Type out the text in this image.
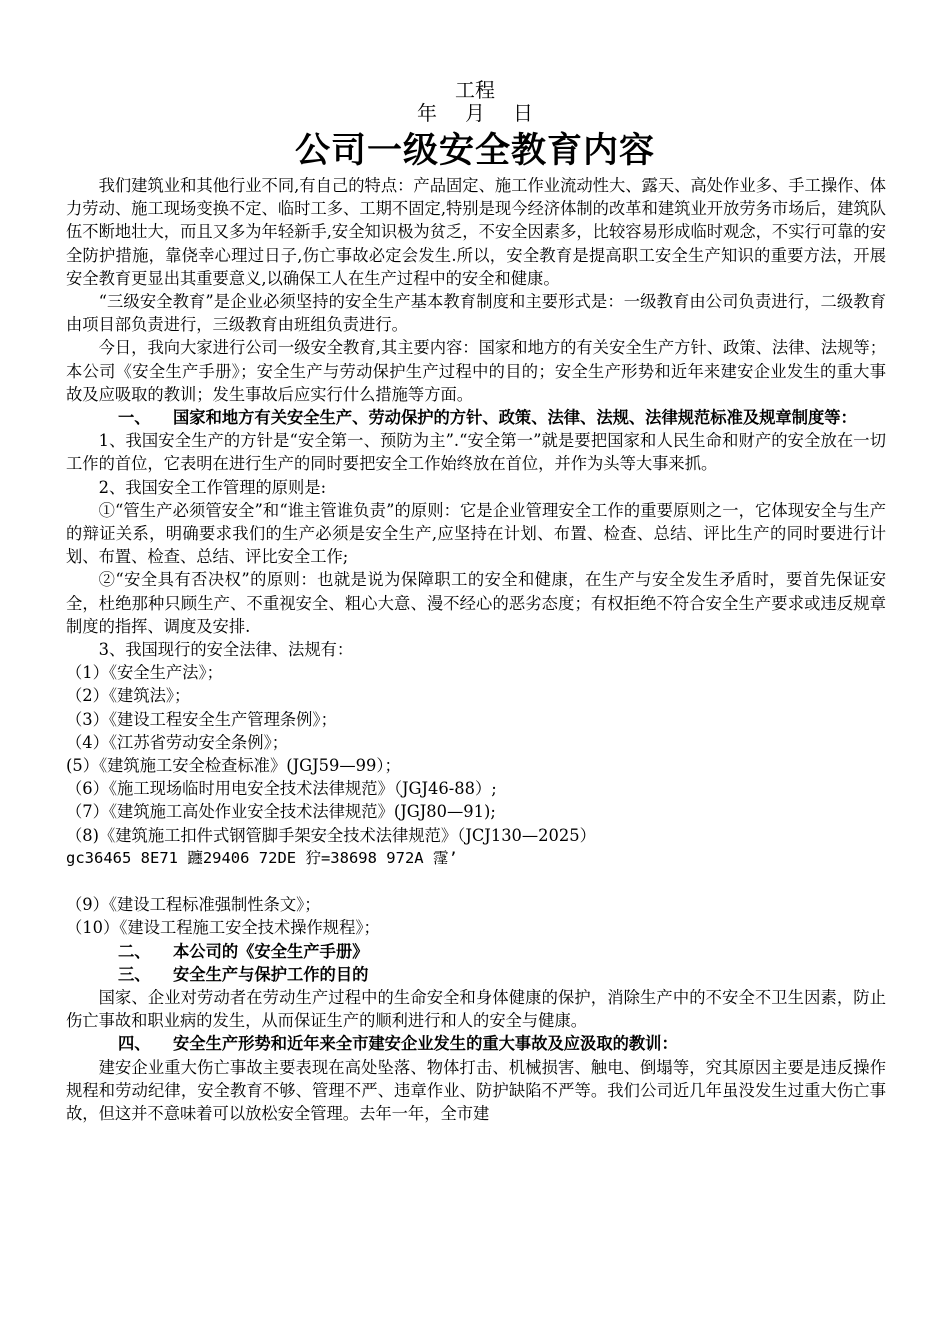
工程
年 月 日
公司一级安全教育内容

我们建筑业和其他行业不同,有自己的特点：产品固定、施工作业流动性大、露天、高处作业多、手工操作、体力劳动、施工现场变换不定、临时工多、工期不固定,特别是现今经济体制的改革和建筑业开放劳务市场后，建筑队伍不断地壮大，而且又多为年轻新手,安全知识极为贫乏，不安全因素多，比较容易形成临时观念，不实行可靠的安全防护措施，靠侥幸心理过日子,伤亡事故必定会发生.所以，安全教育是提高职工安全生产知识的重要方法，开展安全教育更显出其重要意义,以确保工人在生产过程中的安全和健康。

“三级安全教育”是企业必须坚持的安全生产基本教育制度和主要形式是：一级教育由公司负责进行，二级教育由项目部负责进行，三级教育由班组负责进行。

今日，我向大家进行公司一级安全教育,其主要内容：国家和地方的有关安全生产方针、政策、法律、法规等；本公司《安全生产手册》；安全生产与劳动保护生产过程中的目的；安全生产形势和近年来建安企业发生的重大事故及应吸取的教训；发生事故后应实行什么措施等方面。

一、 国家和地方有关安全生产、劳动保护的方针、政策、法律、法规、法律规范标准及规章制度等：

1、我国安全生产的方针是“安全第一、预防为主”.“安全第一”就是要把国家和人民生命和财产的安全放在一切工作的首位，它表明在进行生产的同时要把安全工作始终放在首位，并作为头等大事来抓。

2、我国安全工作管理的原则是:

①“管生产必须管安全”和“谁主管谁负责”的原则：它是企业管理安全工作的重要原则之一，它体现安全与生产的辩证关系，明确要求我们的生产必须是安全生产,应坚持在计划、布置、检查、总结、评比生产的同时要进行计划、布置、检查、总结、评比安全工作;

②“安全具有否决权”的原则：也就是说为保障职工的安全和健康，在生产与安全发生矛盾时，要首先保证安全，杜绝那种只顾生产、不重视安全、粗心大意、漫不经心的恶劣态度；有权拒绝不符合安全生产要求或违反规章制度的指挥、调度及安排.

3、我国现行的安全法律、法规有：

（1）《安全生产法》；

（2）《建筑法》；

（3）《建设工程安全生产管理条例》；

（4）《江苏省劳动安全条例》；

(5）《建筑施工安全检查标准》(JGJ59—99）；

（6）《施工现场临时用电安全技术法律规范》（JGJ46-88）;

（7）《建筑施工高处作业安全技术法律规范》(JGJ80—91);

（8)《建筑施工扣件式钢管脚手架安全技术法律规范》（JCJ130—2025）

gc36465 8E71 躔29406 72DE 狞=38698 972A 霪’

（9）《建设工程标准强制性条文》；

（10）《建设工程施工安全技术操作规程》；

二、 本公司的《安全生产手册》

三、 安全生产与保护工作的目的

国家、企业对劳动者在劳动生产过程中的生命安全和身体健康的保护，消除生产中的不安全不卫生因素，防止伤亡事故和职业病的发生，从而保证生产的顺利进行和人的安全与健康。

四、 安全生产形势和近年来全市建安企业发生的重大事故及应汲取的教训：

建安企业重大伤亡事故主要表现在高处坠落、物体打击、机械损害、触电、倒塌等，究其原因主要是违反操作规程和劳动纪律，安全教育不够、管理不严、违章作业、防护缺陷不严等。我们公司近几年虽没发生过重大伤亡事故，但这并不意味着可以放松安全管理。去年一年，全市建
